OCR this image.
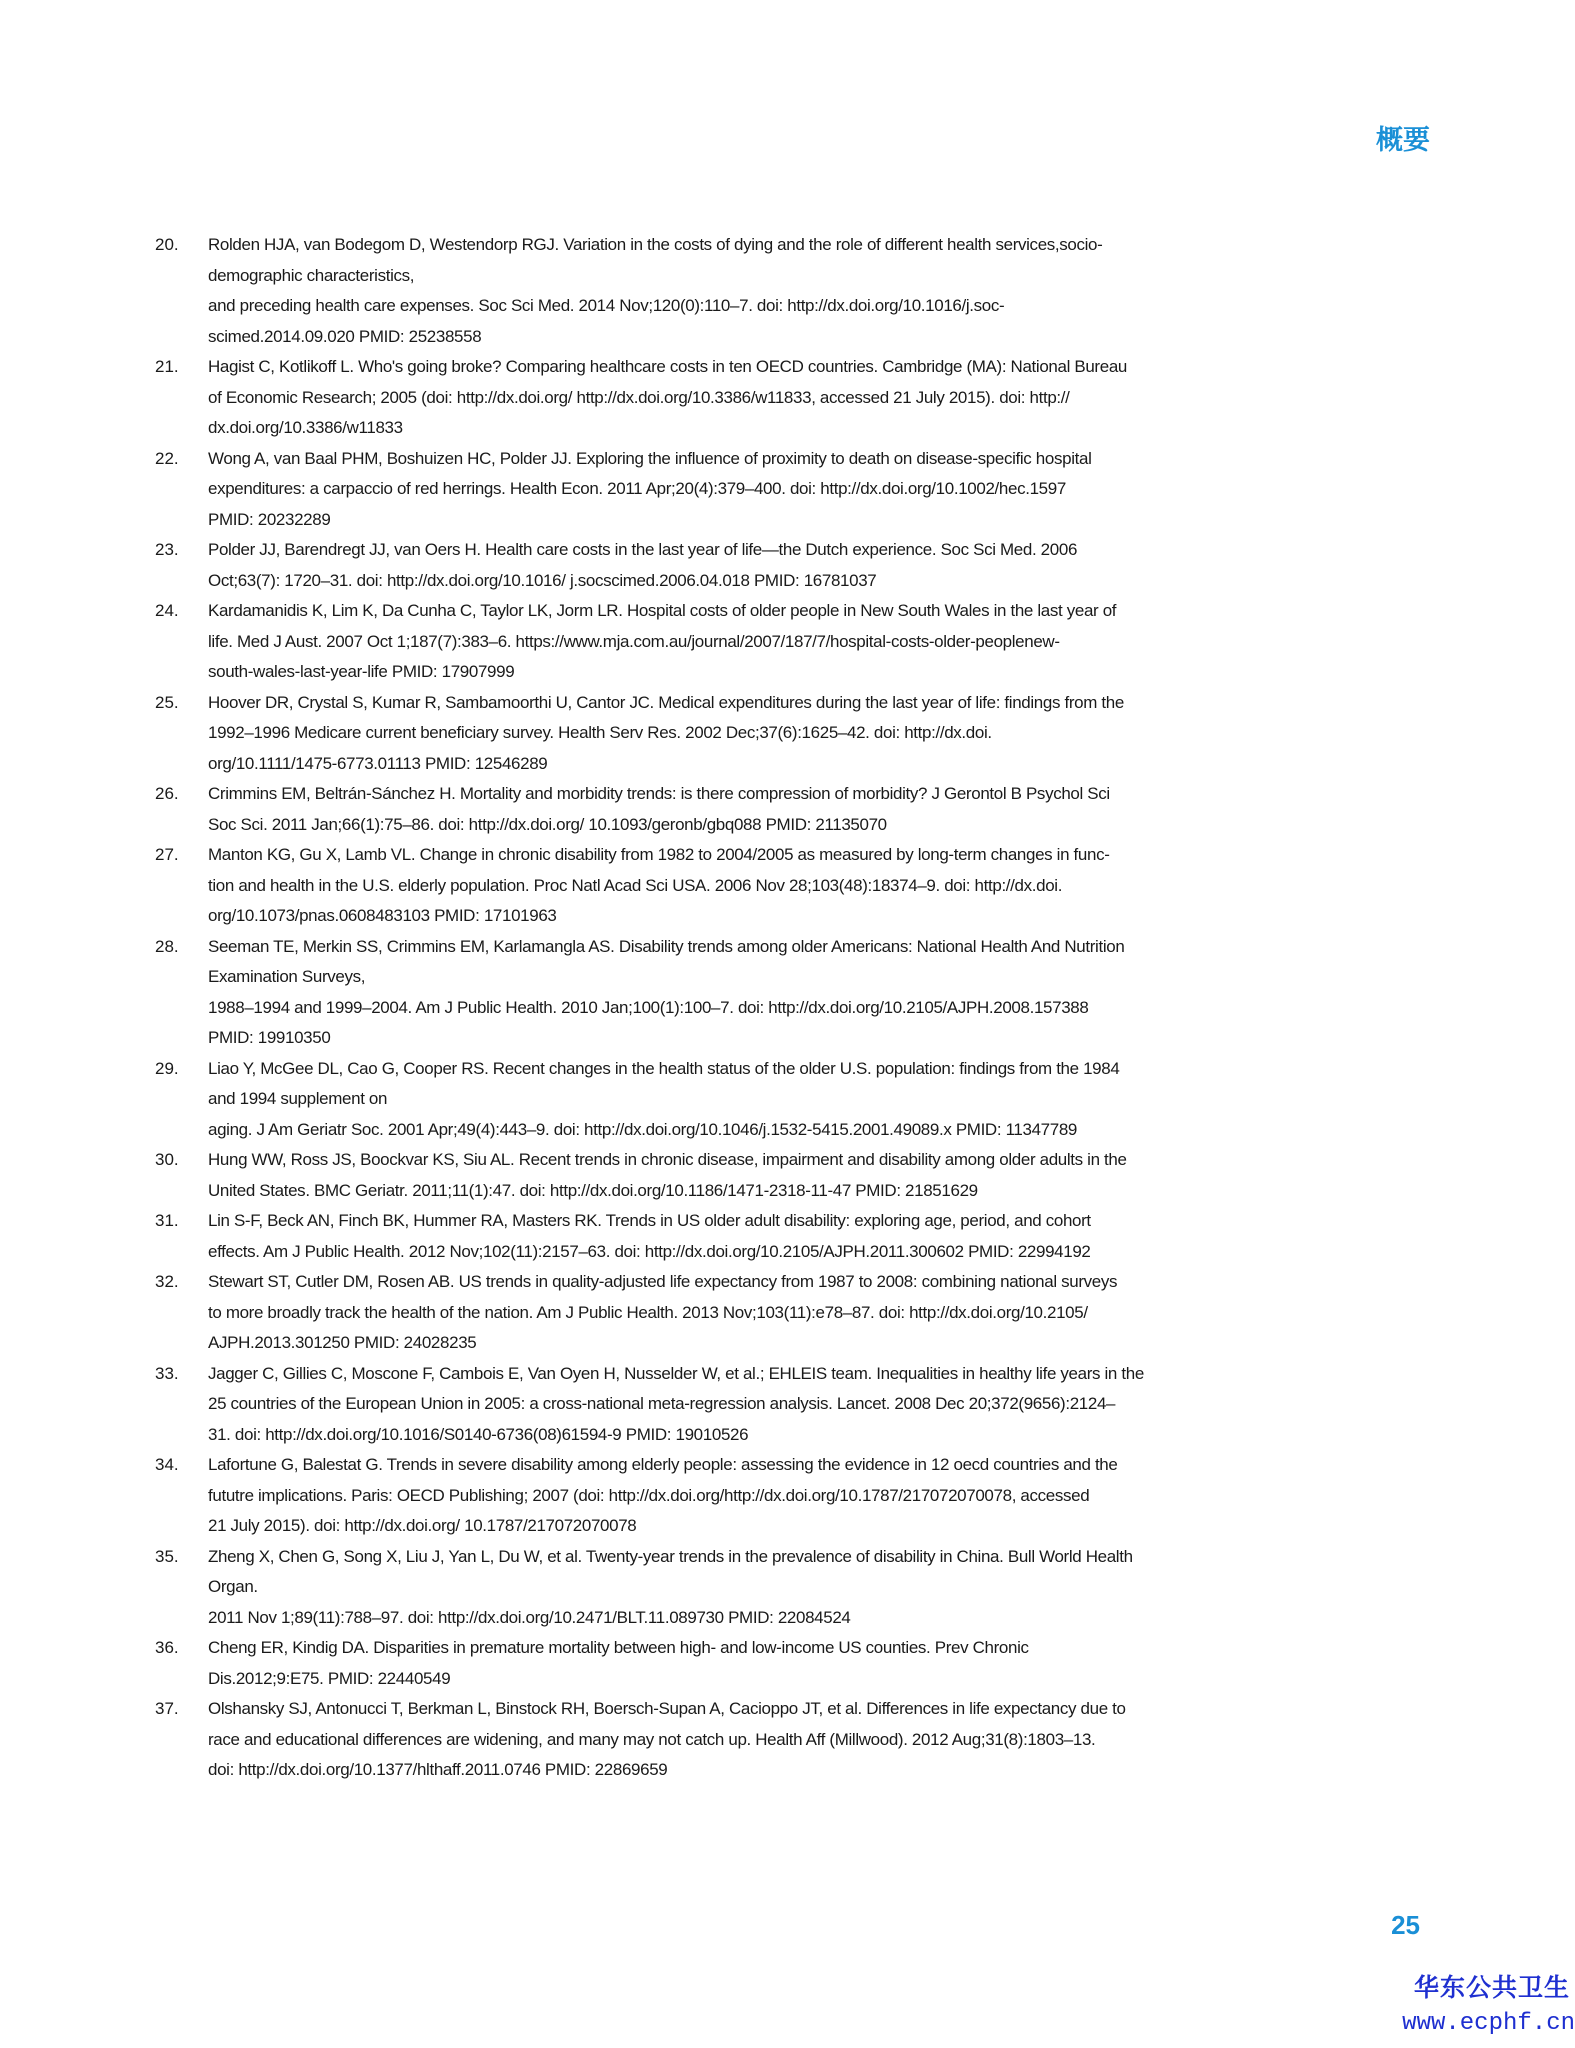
概要
20.	Rolden HJA, van Bodegom D, Westendorp RGJ. Variation in the costs of dying and the role of different health services,socio-
demographic characteristics,
and preceding health care expenses. Soc Sci Med. 2014 Nov;120(0):110–7. doi: http://dx.doi.org/10.1016/j.soc-
scimed.2014.09.020 PMID: 25238558
21.	Hagist C, Kotlikoff L. Who's going broke? Comparing healthcare costs in ten OECD countries. Cambridge (MA): National Bureau
of Economic Research; 2005 (doi: http://dx.doi.org/ http://dx.doi.org/10.3386/w11833, accessed 21 July 2015). doi: http://
dx.doi.org/10.3386/w11833
22.	Wong A, van Baal PHM, Boshuizen HC, Polder JJ. Exploring the influence of proximity to death on disease-specific hospital
expenditures: a carpaccio of red herrings. Health Econ. 2011 Apr;20(4):379–400. doi: http://dx.doi.org/10.1002/hec.1597
PMID: 20232289
23.	Polder JJ, Barendregt JJ, van Oers H. Health care costs in the last year of life—the Dutch experience. Soc Sci Med. 2006
Oct;63(7): 1720–31. doi: http://dx.doi.org/10.1016/ j.socscimed.2006.04.018 PMID: 16781037
24.	Kardamanidis K, Lim K, Da Cunha C, Taylor LK, Jorm LR. Hospital costs of older people in New South Wales in the last year of
life. Med J Aust. 2007 Oct 1;187(7):383–6. https://www.mja.com.au/journal/2007/187/7/hospital-costs-older-peoplenew-
south-wales-last-year-life PMID: 17907999
25.	Hoover DR, Crystal S, Kumar R, Sambamoorthi U, Cantor JC. Medical expenditures during the last year of life: findings from the
1992–1996 Medicare current beneficiary survey. Health Serv Res. 2002 Dec;37(6):1625–42. doi: http://dx.doi.
org/10.1111/1475-6773.01113 PMID: 12546289
26.	Crimmins EM, Beltrán-Sánchez H. Mortality and morbidity trends: is there compression of morbidity? J Gerontol B Psychol Sci
Soc Sci. 2011 Jan;66(1):75–86. doi: http://dx.doi.org/ 10.1093/geronb/gbq088 PMID: 21135070
27.	Manton KG, Gu X, Lamb VL. Change in chronic disability from 1982 to 2004/2005 as measured by long-term changes in func-
tion and health in the U.S. elderly population. Proc Natl Acad Sci USA. 2006 Nov 28;103(48):18374–9. doi: http://dx.doi.
org/10.1073/pnas.0608483103 PMID: 17101963
28.	Seeman TE, Merkin SS, Crimmins EM, Karlamangla AS. Disability trends among older Americans: National Health And Nutrition
Examination Surveys,
1988–1994 and 1999–2004. Am J Public Health. 2010 Jan;100(1):100–7. doi: http://dx.doi.org/10.2105/AJPH.2008.157388
PMID: 19910350
29.	Liao Y, McGee DL, Cao G, Cooper RS. Recent changes in the health status of the older U.S. population: findings from the 1984
and 1994 supplement on
aging. J Am Geriatr Soc. 2001 Apr;49(4):443–9. doi: http://dx.doi.org/10.1046/j.1532-5415.2001.49089.x PMID: 11347789
30.	Hung WW, Ross JS, Boockvar KS, Siu AL. Recent trends in chronic disease, impairment and disability among older adults in the
United States. BMC Geriatr. 2011;11(1):47. doi: http://dx.doi.org/10.1186/1471-2318-11-47 PMID: 21851629
31.	Lin S-F, Beck AN, Finch BK, Hummer RA, Masters RK. Trends in US older adult disability: exploring age, period, and cohort
effects. Am J Public Health. 2012 Nov;102(11):2157–63. doi: http://dx.doi.org/10.2105/AJPH.2011.300602 PMID: 22994192
32.	Stewart ST, Cutler DM, Rosen AB. US trends in quality-adjusted life expectancy from 1987 to 2008: combining national surveys
to more broadly track the health of the nation. Am J Public Health. 2013 Nov;103(11):e78–87. doi: http://dx.doi.org/10.2105/
AJPH.2013.301250 PMID: 24028235
33.	Jagger C, Gillies C, Moscone F, Cambois E, Van Oyen H, Nusselder W, et al.; EHLEIS team. Inequalities in healthy life years in the
25 countries of the European Union in 2005: a cross-national meta-regression analysis. Lancet. 2008 Dec 20;372(9656):2124–
31. doi: http://dx.doi.org/10.1016/S0140-6736(08)61594-9 PMID: 19010526
34.	Lafortune G, Balestat G. Trends in severe disability among elderly people: assessing the evidence in 12 oecd countries and the
fututre implications. Paris: OECD Publishing; 2007 (doi: http://dx.doi.org/http://dx.doi.org/10.1787/217072070078, accessed
21 July 2015). doi: http://dx.doi.org/ 10.1787/217072070078
35.	Zheng X, Chen G, Song X, Liu J, Yan L, Du W, et al. Twenty-year trends in the prevalence of disability in China. Bull World Health
Organ.
2011 Nov 1;89(11):788–97. doi: http://dx.doi.org/10.2471/BLT.11.089730 PMID: 22084524
36.	Cheng ER, Kindig DA. Disparities in premature mortality between high- and low-income US counties. Prev Chronic
Dis.2012;9:E75. PMID: 22440549
37.	Olshansky SJ, Antonucci T, Berkman L, Binstock RH, Boersch-Supan A, Cacioppo JT, et al. Differences in life expectancy due to
race and educational differences are widening, and many may not catch up. Health Aff (Millwood). 2012 Aug;31(8):1803–13.
doi: http://dx.doi.org/10.1377/hlthaff.2011.0746 PMID: 22869659
25
华东公共卫生
www.ecphf.cn
